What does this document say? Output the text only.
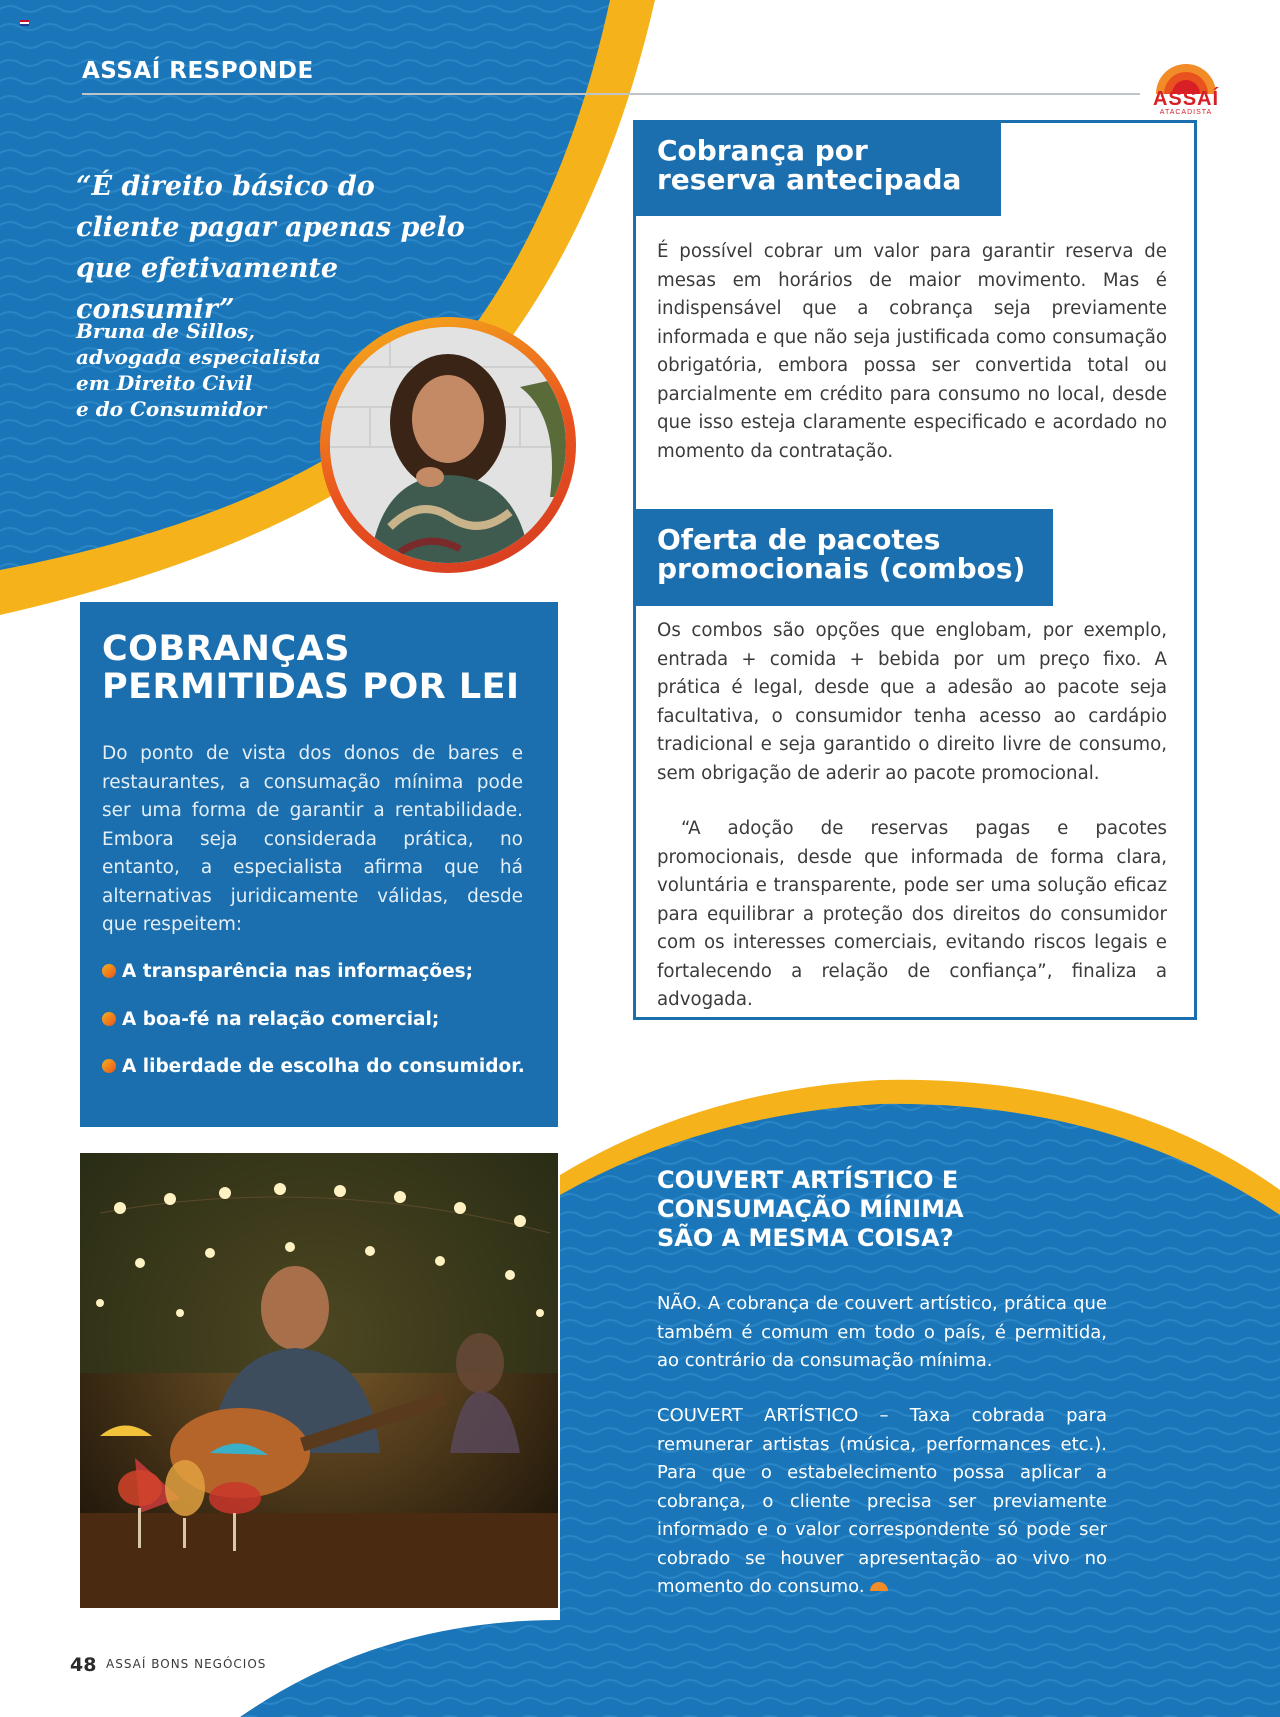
ASSAÍ RESPONDE
ASSAÍ
ATACADISTA
“É direito básico do cliente pagar apenas pelo que efetivamente consumir”
Bruna de Sillos,
advogada especialista
em Direito Civil
e do Consumidor
COBRANÇAS
PERMITIDAS POR LEI
Do ponto de vista dos donos de bares e restaurantes, a consumação mínima pode ser uma forma de garantir a rentabilidade. Embora seja considerada prática, no entanto, a especialista afirma que há alternativas juridicamente válidas, desde que respeitem:
A transparência nas informações;
A boa-fé na relação comercial;
A liberdade de escolha do consumidor.
Cobrança por
reserva antecipada
É possível cobrar um valor para garantir reserva de mesas em horários de maior movimento. Mas é indispensável que a cobrança seja previamente informada e que não seja justificada como consumação obrigatória, embora possa ser convertida total ou parcialmente em crédito para consumo no local, desde que isso esteja claramente especificado e acordado no momento da contratação.
Oferta de pacotes
promocionais (combos)
Os combos são opções que englobam, por exemplo, entrada + comida + bebida por um preço fixo. A prática é legal, desde que a adesão ao pacote seja facultativa, o consumidor tenha acesso ao cardápio tradicional e seja garantido o direito livre de consumo, sem obrigação de aderir ao pacote promocional.
“A adoção de reservas pagas e pacotes promocionais, desde que informada de forma clara, voluntária e transparente, pode ser uma solução eficaz para equilibrar a proteção dos direitos do consumidor com os interesses comerciais, evitando riscos legais e fortalecendo a relação de confiança”, finaliza a advogada.
COUVERT ARTÍSTICO E
CONSUMAÇÃO MÍNIMA
SÃO A MESMA COISA?
NÃO. A cobrança de couvert artístico, prática que também é comum em todo o país, é permitida, ao contrário da consumação mínima.
COUVERT ARTÍSTICO – Taxa cobrada para remunerar artistas (música, performances etc.). Para que o estabelecimento possa aplicar a cobrança, o cliente precisa ser previamente informado e o valor correspondente só pode ser cobrado se houver apresentação ao vivo no momento do consumo.
48 ASSAÍ BONS NEGÓCIOS
